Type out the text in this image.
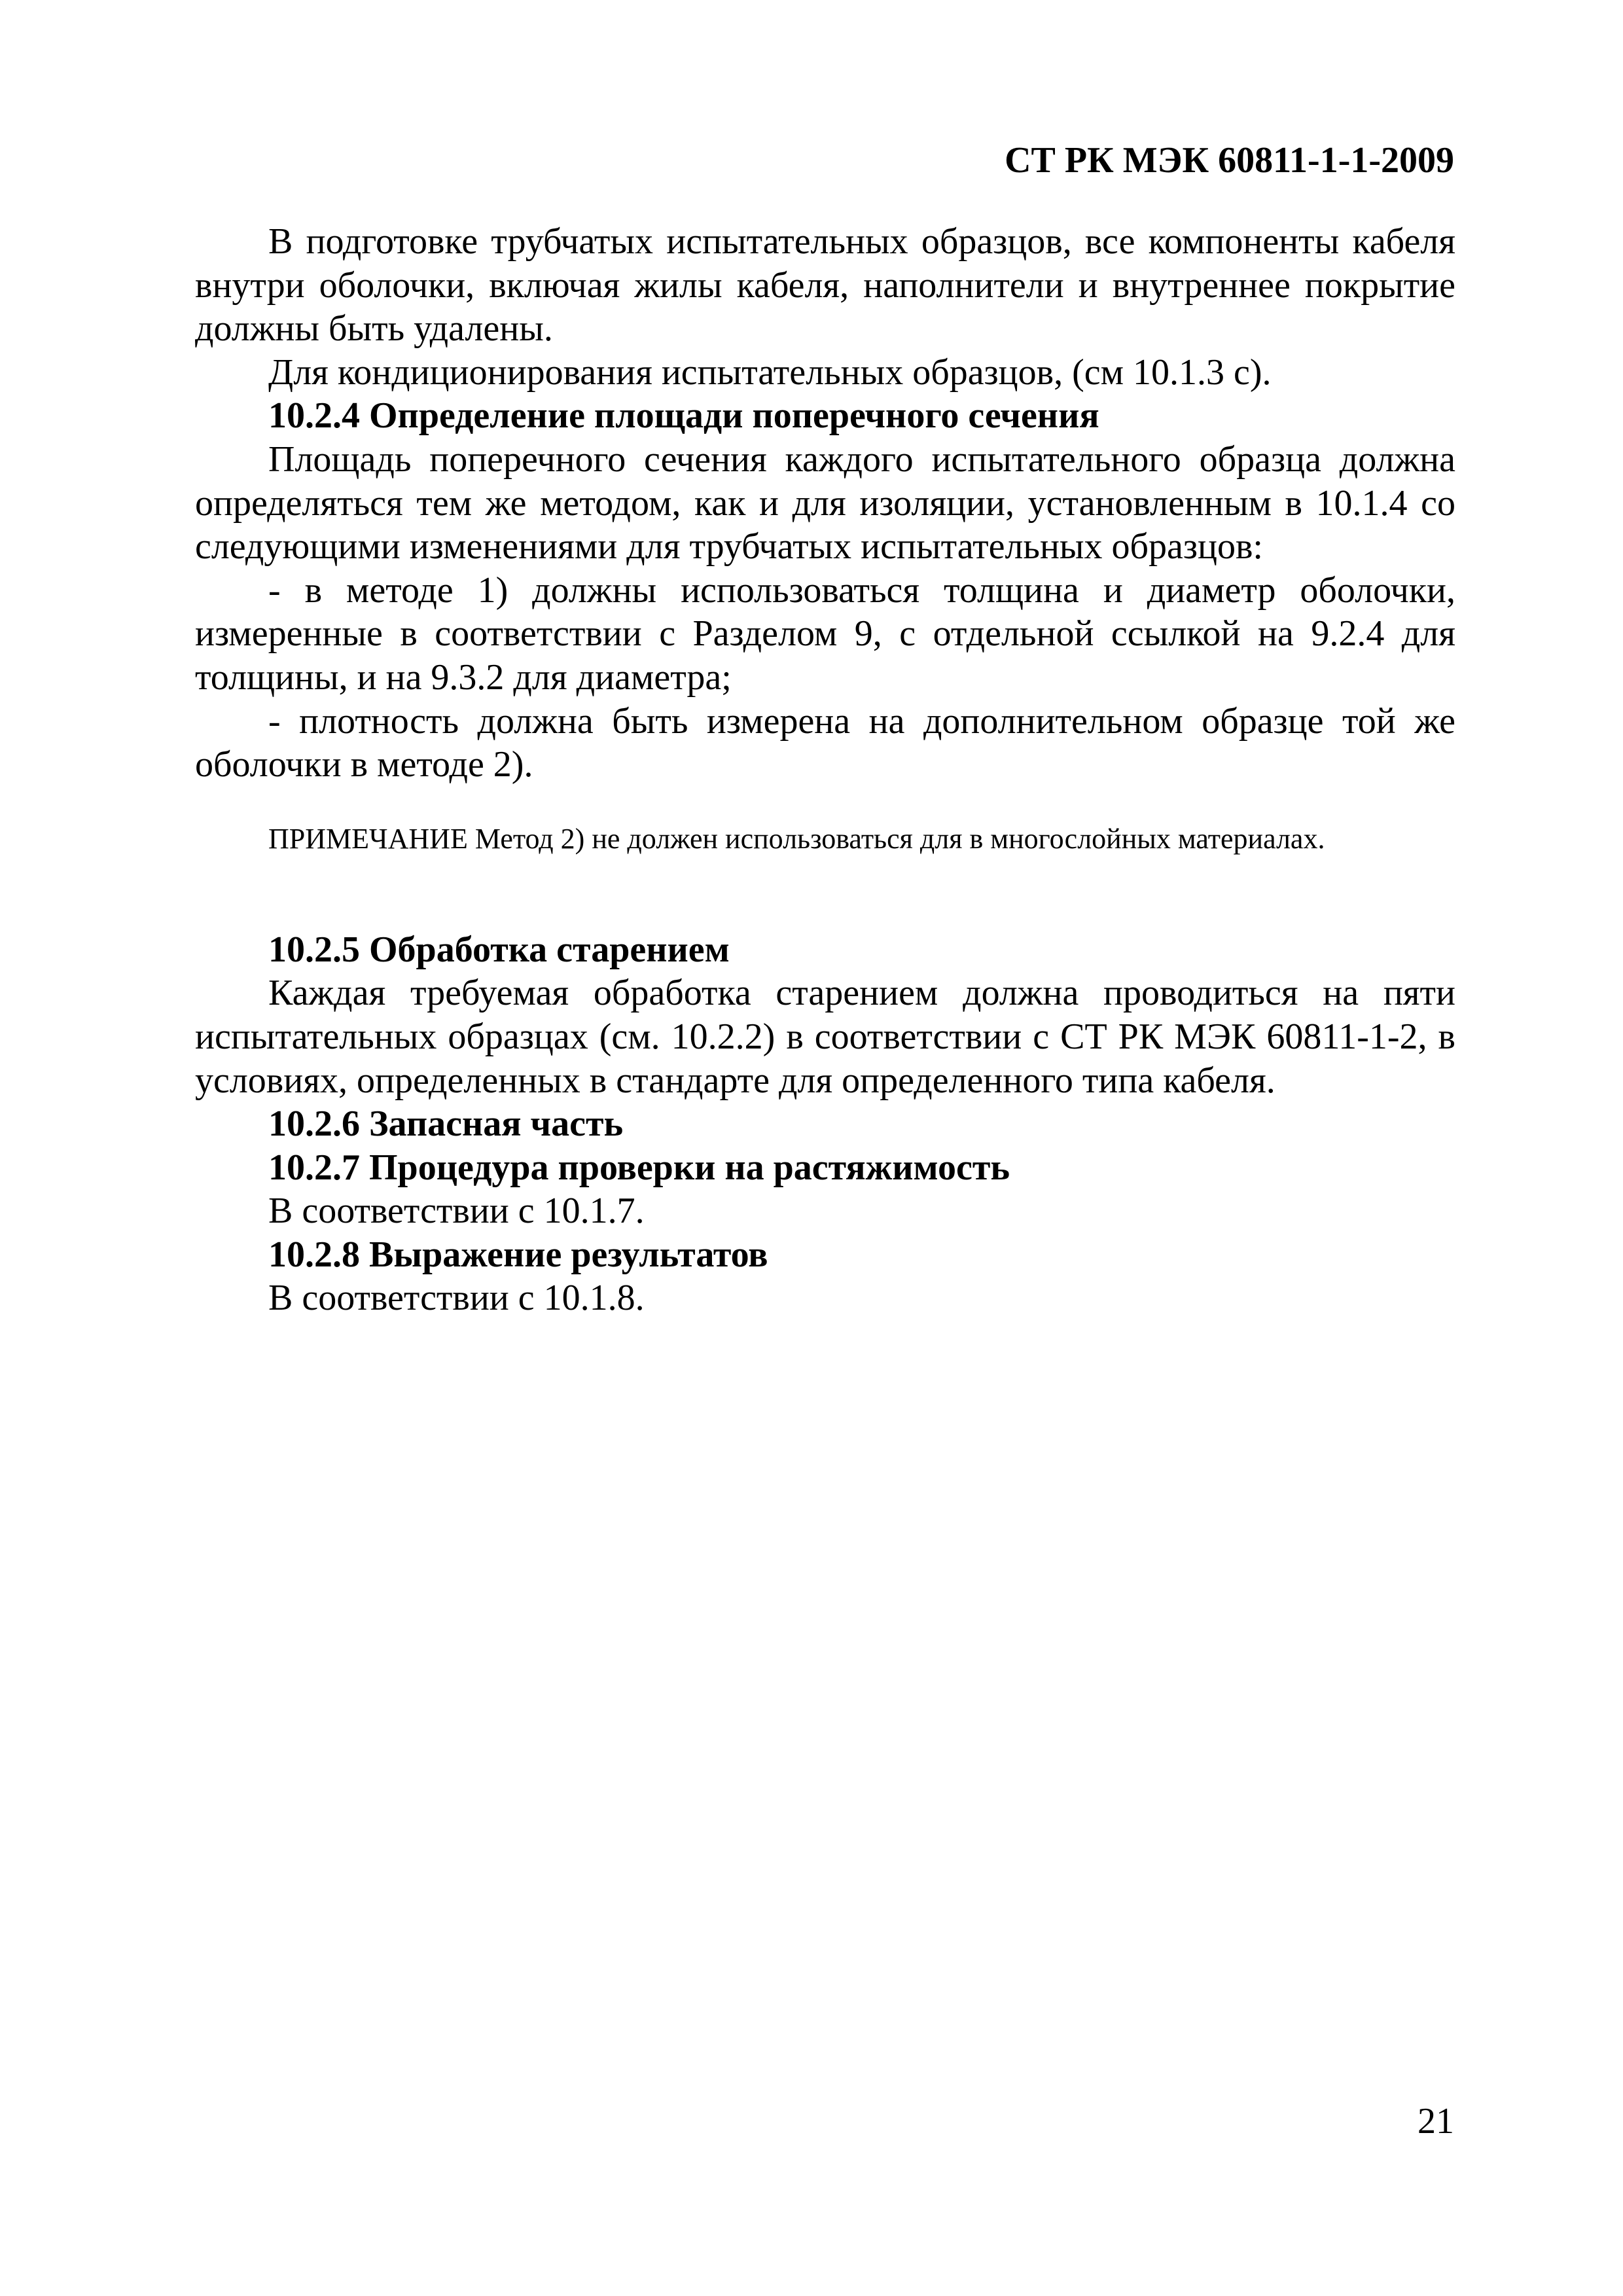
СТ РК МЭК 60811-1-1-2009

В подготовке трубчатых испытательных образцов, все компоненты кабеля внутри оболочки, включая жилы кабеля, наполнители и внутреннее покрытие должны быть удалены.

Для кондиционирования испытательных образцов, (см 10.1.3 с).

10.2.4 Определение площади поперечного сечения

Площадь поперечного сечения каждого испытательного образца должна определяться тем же методом, как и для изоляции, установленным в 10.1.4 со следующими изменениями для трубчатых испытательных образцов:

- в методе 1) должны использоваться толщина и диаметр оболочки, измеренные в соответствии с Разделом 9, с отдельной ссылкой на 9.2.4 для толщины, и на 9.3.2 для диаметра;

- плотность должна быть измерена на дополнительном образце той же оболочки в методе 2).

ПРИМЕЧАНИЕ Метод 2) не должен использоваться для в многослойных материалах.

10.2.5 Обработка старением

Каждая требуемая обработка старением должна проводиться на пяти испытательных образцах (см. 10.2.2) в соответствии с СТ РК МЭК 60811-1-2, в условиях, определенных в стандарте для определенного типа кабеля.

10.2.6 Запасная часть

10.2.7 Процедура проверки на растяжимость

В соответствии с 10.1.7.

10.2.8 Выражение результатов

В соответствии с 10.1.8.

21
